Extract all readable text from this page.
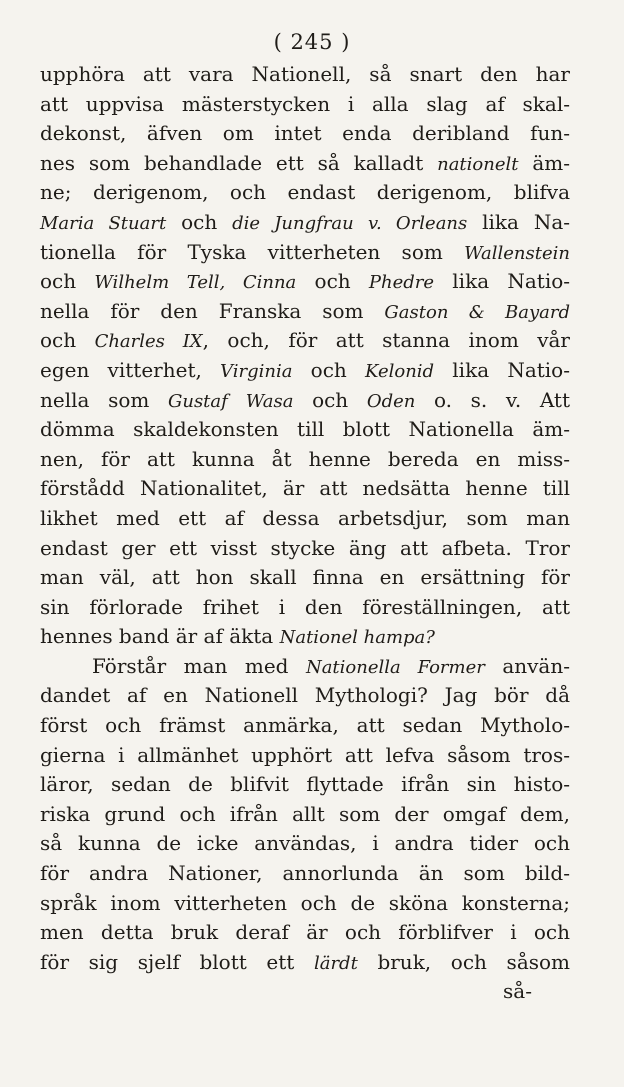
( 245 )
upphöra att vara Nationell, så snart den har
att uppvisa mästerstycken i alla slag af skal-
dekonst, äfven om intet enda deribland fun-
nes som behandlade ett så kalladt nationelt äm-
ne; derigenom, och endast derigenom, blifva
Maria Stuart och die Jungfrau v. Orleans lika Na-
tionella för Tyska vitterheten som Wallenstein
och Wilhelm Tell, Cinna och Phedre lika Natio-
nella för den Franska som Gaston & Bayard
och Charles IX, och, för att stanna inom vår
egen vitterhet, Virginia och Kelonid lika Natio-
nella som Gustaf Wasa och Oden o. s. v. Att
dömma skaldekonsten till blott Nationella äm-
nen, för att kunna åt henne bereda en miss-
förstådd Nationalitet, är att nedsätta henne till
likhet med ett af dessa arbetsdjur, som man
endast ger ett visst stycke äng att afbeta. Tror
man väl, att hon skall finna en ersättning för
sin förlorade frihet i den föreställningen, att
hennes band är af äkta Nationel hampa?
Förstår man med Nationella Former använ-
dandet af en Nationell Mythologi? Jag bör då
först och främst anmärka, att sedan Mytholo-
gierna i allmänhet upphört att lefva såsom tros-
läror, sedan de blifvit flyttade ifrån sin histo-
riska grund och ifrån allt som der omgaf dem,
så kunna de icke användas, i andra tider och
för andra Nationer, annorlunda än som bild-
språk inom vitterheten och de sköna konsterna;
men detta bruk deraf är och förblifver i och
för sig sjelf blott ett lärdt bruk, och såsom
så-
